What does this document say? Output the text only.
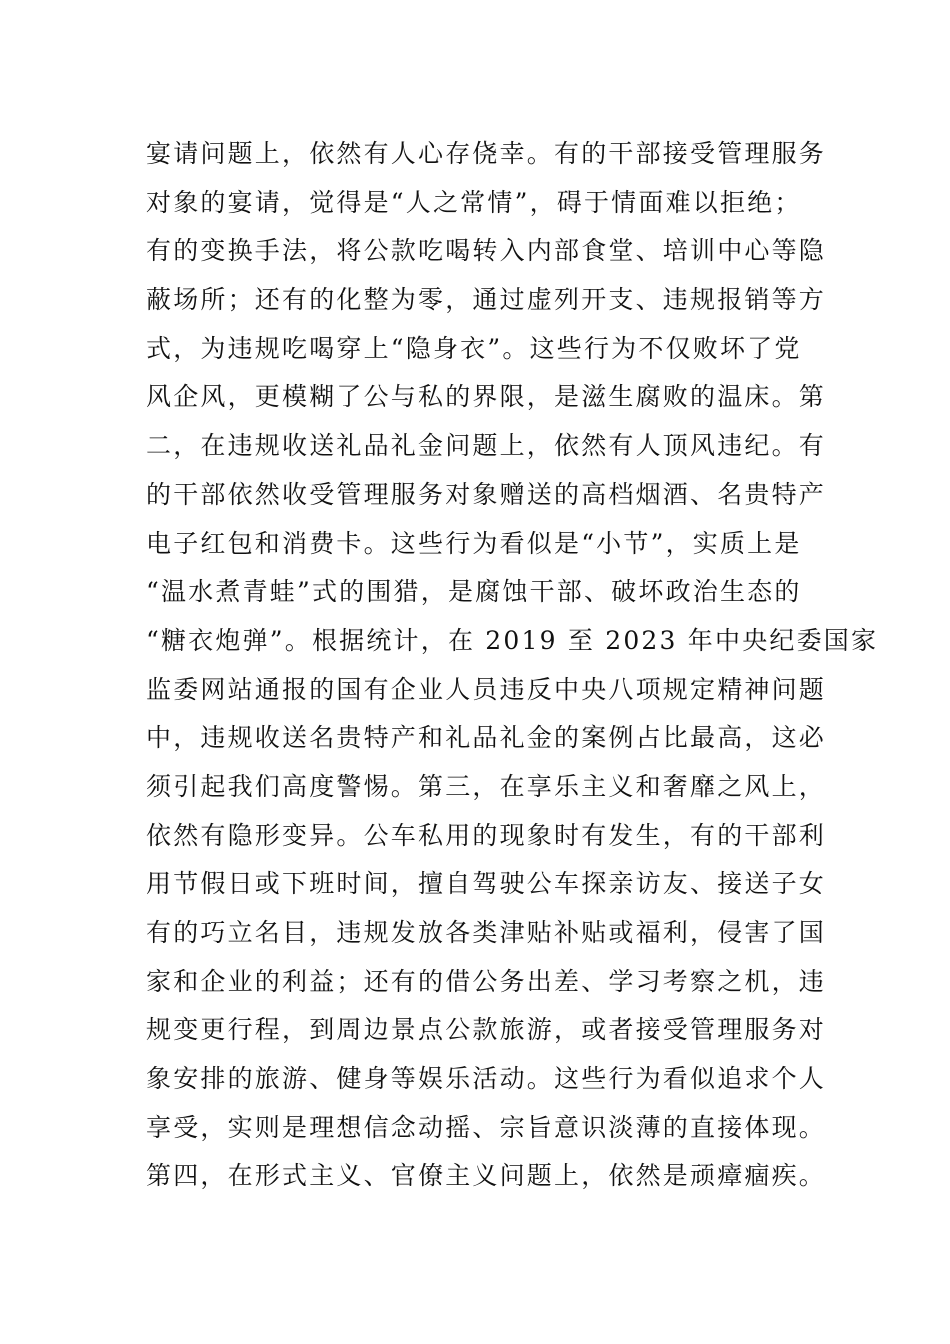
宴请问题上，依然有人心存侥幸。有的干部接受管理服务
对象的宴请，觉得是“人之常情”，碍于情面难以拒绝；
有的变换手法，将公款吃喝转入内部食堂、培训中心等隐
蔽场所；还有的化整为零，通过虚列开支、违规报销等方
式，为违规吃喝穿上“隐身衣”。这些行为不仅败坏了党
风企风，更模糊了公与私的界限，是滋生腐败的温床。第
二，在违规收送礼品礼金问题上，依然有人顶风违纪。有
的干部依然收受管理服务对象赠送的高档烟酒、名贵特产
电子红包和消费卡。这些行为看似是“小节”，实质上是
“温水煮青蛙”式的围猎，是腐蚀干部、破坏政治生态的
“糖衣炮弹”。根据统计，在 2019 至 2023 年中央纪委国家
监委网站通报的国有企业人员违反中央八项规定精神问题
中，违规收送名贵特产和礼品礼金的案例占比最高，这必
须引起我们高度警惕。第三，在享乐主义和奢靡之风上，
依然有隐形变异。公车私用的现象时有发生，有的干部利
用节假日或下班时间，擅自驾驶公车探亲访友、接送子女
有的巧立名目，违规发放各类津贴补贴或福利，侵害了国
家和企业的利益；还有的借公务出差、学习考察之机，违
规变更行程，到周边景点公款旅游，或者接受管理服务对
象安排的旅游、健身等娱乐活动。这些行为看似追求个人
享受，实则是理想信念动摇、宗旨意识淡薄的直接体现。
第四，在形式主义、官僚主义问题上，依然是顽瘴痼疾。
